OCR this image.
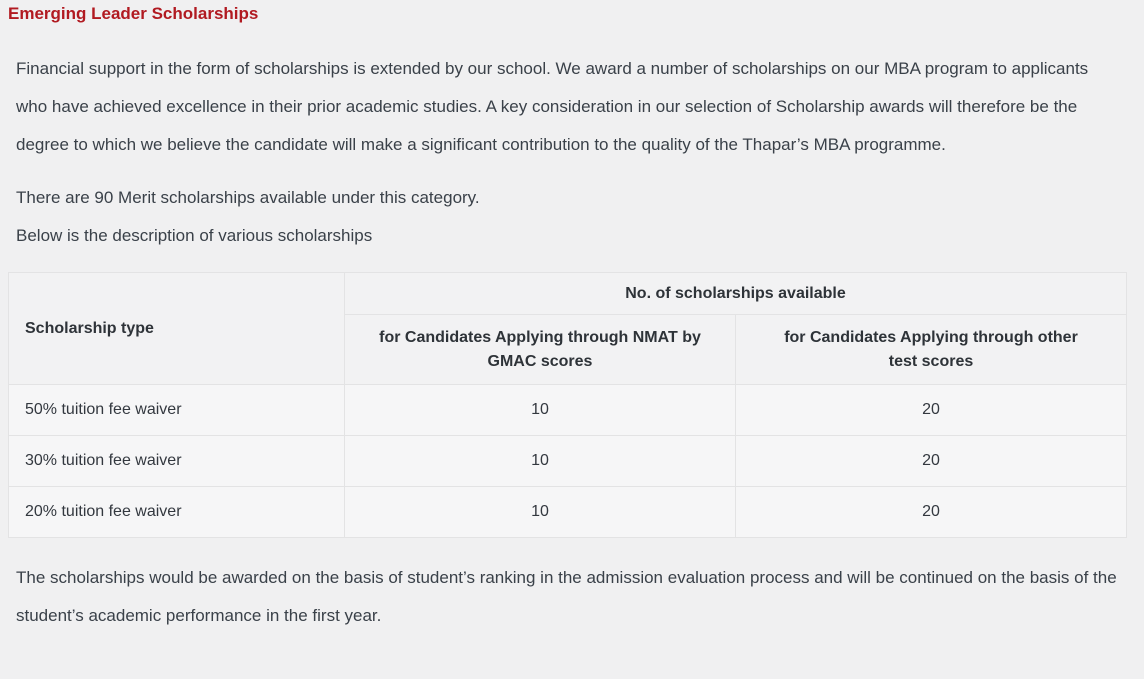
Emerging Leader Scholarships

Financial support in the form of scholarships is extended by our school. We award a number of scholarships on our MBA program to applicants who have achieved excellence in their prior academic studies. A key consideration in our selection of Scholarship awards will therefore be the degree to which we believe the candidate will make a significant contribution to the quality of the Thapar’s MBA programme.

There are 90 Merit scholarships available under this category.
Below is the description of various scholarships

Scholarship type	No. of scholarships available	
	for Candidates Applying through NMAT by GMAC scores	for Candidates Applying through other test scores
50% tuition fee waiver	10	20
30% tuition fee waiver	10	20
20% tuition fee waiver	10	20

The scholarships would be awarded on the basis of student’s ranking in the admission evaluation process and will be continued on the basis of the student’s academic performance in the first year.
